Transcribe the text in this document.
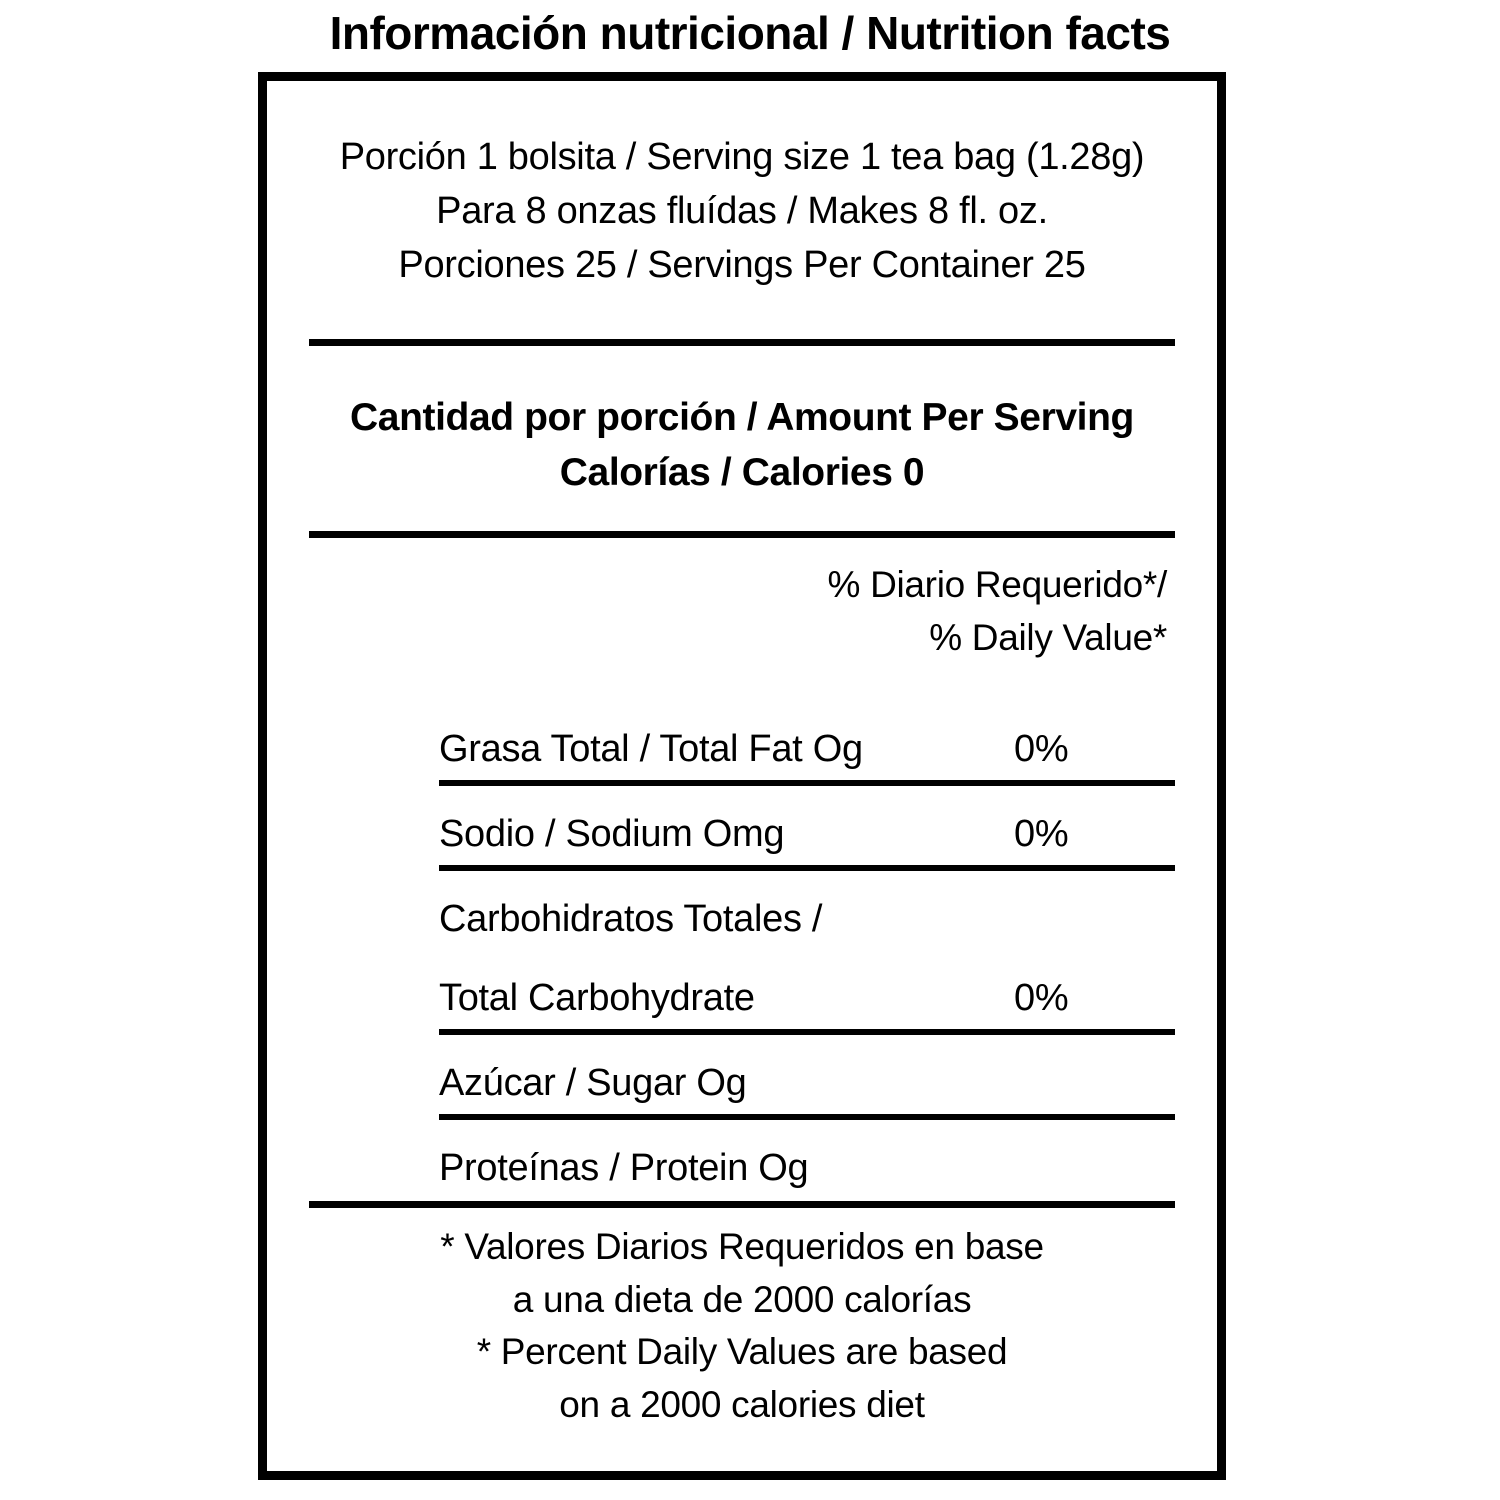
Información nutricional / Nutrition facts
Porción 1 bolsita / Serving size 1 tea bag (1.28g)
Para 8 onzas fluídas / Makes 8 fl. oz.
Porciones 25 / Servings Per Container 25
Cantidad por porción / Amount Per Serving
Calorías / Calories 0
% Diario Requerido*/
% Daily Value*
Grasa Total / Total Fat Og	0%
Sodio / Sodium Omg	0%
Carbohidratos Totales /
Total Carbohydrate	0%
Azúcar / Sugar Og
Proteínas / Protein Og
* Valores Diarios Requeridos en base
a una dieta de 2000 calorías
* Percent Daily Values are based
on a 2000 calories diet
